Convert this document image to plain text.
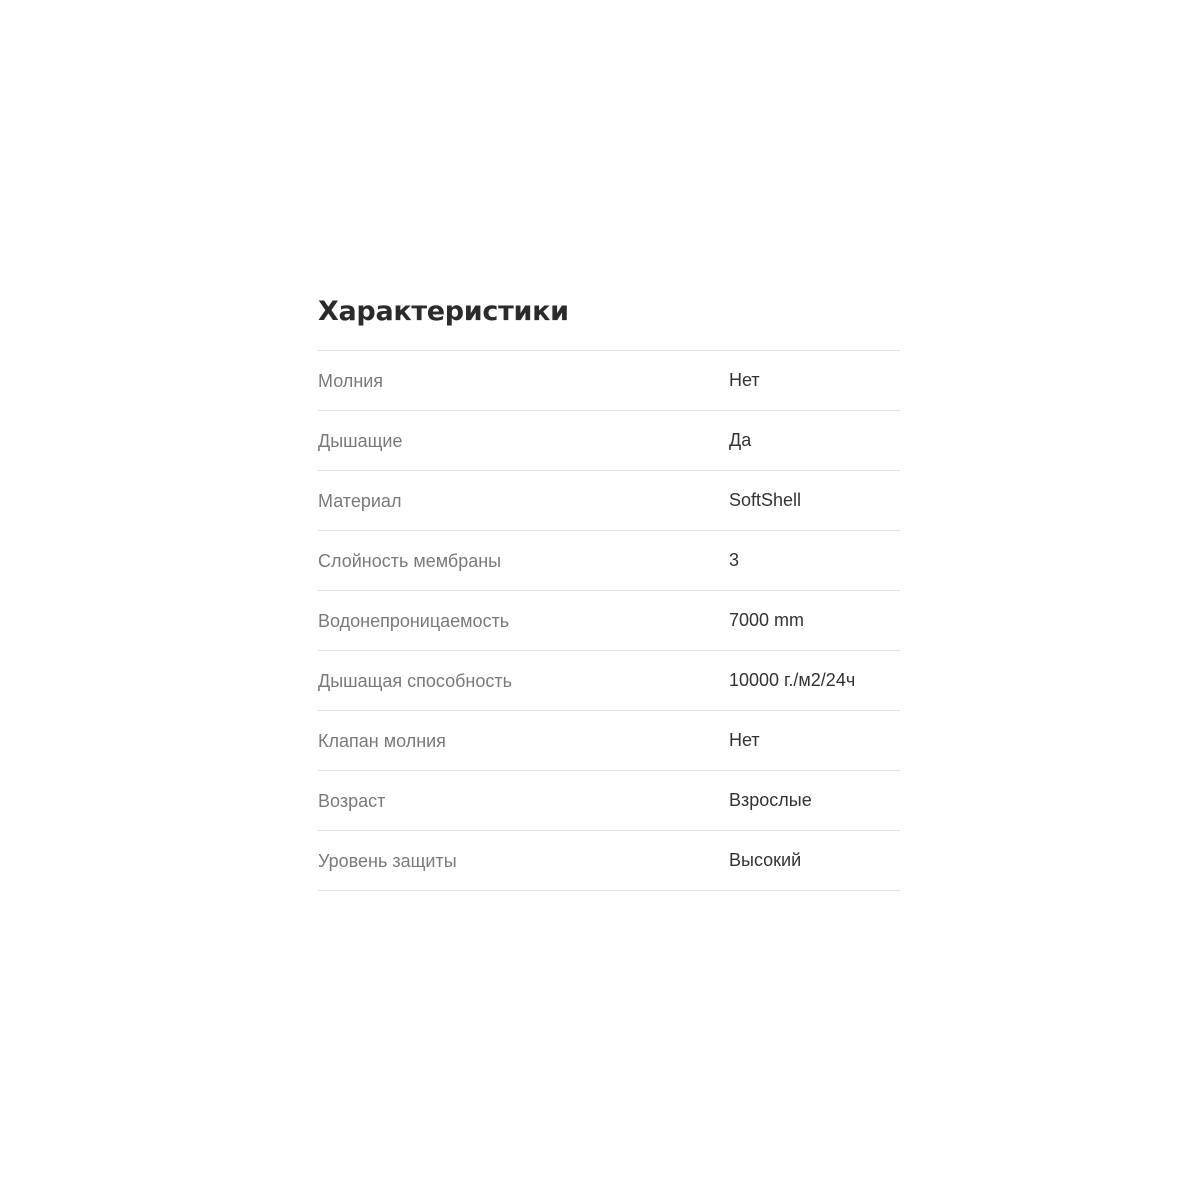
Характеристики
Молния	Нет
Дышащие	Да
Материал	SoftShell
Слойность мембраны	3
Водонепроницаемость	7000 mm
Дышащая способность	10000 г./м2/24ч
Клапан молния	Нет
Возраст	Взрослые
Уровень защиты	Высокий
